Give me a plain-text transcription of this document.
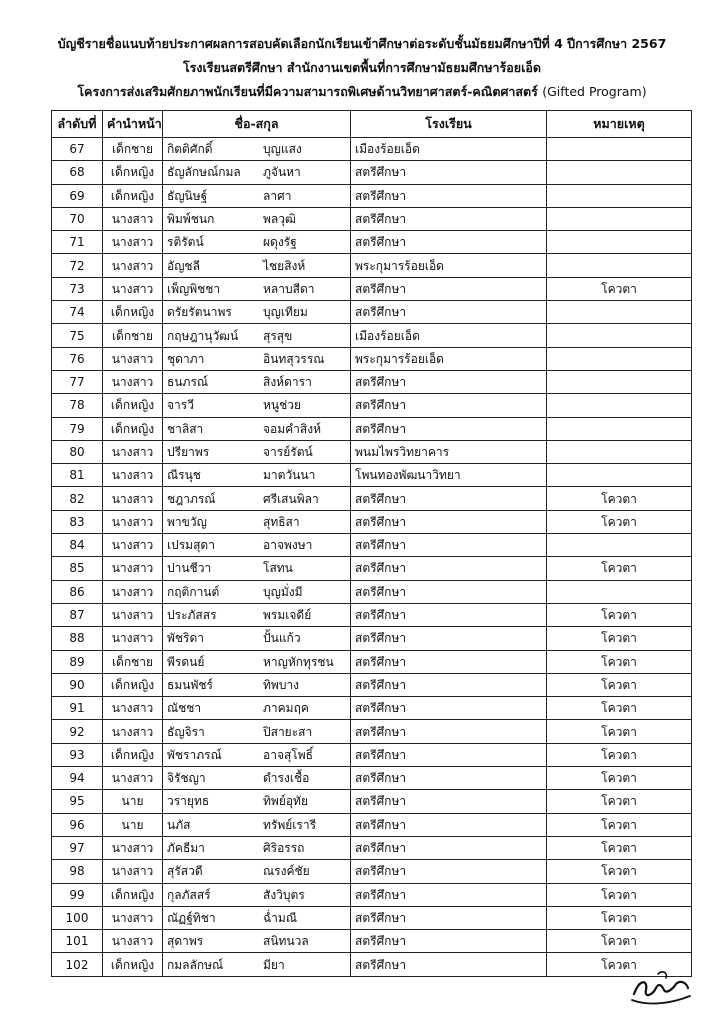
บัญชีรายชื่อแนบท้ายประกาศผลการสอบคัดเลือกนักเรียนเข้าศึกษาต่อระดับชั้นมัธยมศึกษาปีที่ 4 ปีการศึกษา 2567
โรงเรียนสตรีศึกษา สำนักงานเขตพื้นที่การศึกษามัธยมศึกษาร้อยเอ็ด
โครงการส่งเสริมศักยภาพนักเรียนที่มีความสามารถพิเศษด้านวิทยาศาสตร์-คณิตศาสตร์ (Gifted Program)
ลำดับที่	คำนำหน้า	ชื่อ-สกุล	โรงเรียน	หมายเหตุ
67	เด็กชาย	กิตติศักดิ์ บุญแสง	เมืองร้อยเอ็ด	
68	เด็กหญิง	ธัญลักษณ์กมล ภูจันหา	สตรีศึกษา	
69	เด็กหญิง	ธัญนิษฐ์ ลาศา	สตรีศึกษา	
70	นางสาว	พิมพ์ชนก พลวุฒิ	สตรีศึกษา	
71	นางสาว	รติรัตน์ ผดุงรัฐ	สตรีศึกษา	
72	นางสาว	อัญชลี ไชยสิงห์	พระกุมารร้อยเอ็ด	
73	นางสาว	เพ็ญพิชชา หลาบสีดา	สตรีศึกษา	โควตา
74	เด็กหญิง	ดรัยรัตนาพร บุญเทียม	สตรีศึกษา	
75	เด็กชาย	กฤษฎานุวัฒน์ สุรสุข	เมืองร้อยเอ็ด	
76	นางสาว	ชุดาภา อินทสุวรรณ	พระกุมารร้อยเอ็ด	
77	นางสาว	ธนภรณ์ สิงห์ดารา	สตรีศึกษา	
78	เด็กหญิง	จารวี หนูช่วย	สตรีศึกษา	
79	เด็กหญิง	ชาลิสา จอมคำสิงห์	สตรีศึกษา	
80	นางสาว	ปรียาพร จารย์รัตน์	พนมไพรวิทยาคาร	
81	นางสาว	ณีรนุช มาตวันนา	โพนทองพัฒนาวิทยา	
82	นางสาว	ชฎาภรณ์ ศรีเสนพิลา	สตรีศึกษา	โควตา
83	นางสาว	พาขวัญ สุทธิสา	สตรีศึกษา	โควตา
84	นางสาว	เปรมสุดา อาจพงษา	สตรีศึกษา	
85	นางสาว	ปานชีวา โสทน	สตรีศึกษา	โควตา
86	นางสาว	กฤติกานต์ บุญมั่งมี	สตรีศึกษา	
87	นางสาว	ประภัสสร พรมเจดีย์	สตรีศึกษา	โควตา
88	นางสาว	พัชริดา ปั้นแก้ว	สตรีศึกษา	โควตา
89	เด็กชาย	พีรดนย์ หาญหักทุรชน	สตรีศึกษา	โควตา
90	เด็กหญิง	ธมนพัชร์ ทิพบาง	สตรีศึกษา	โควตา
91	นางสาว	ณัชชา ภาคมฤค	สตรีศึกษา	โควตา
92	นางสาว	ธัญจิรา ปิสายะสา	สตรีศึกษา	โควตา
93	เด็กหญิง	พัชราภรณ์ อาจสุโพธิ์	สตรีศึกษา	โควตา
94	นางสาว	จิรัชญา ดำรงเชื้อ	สตรีศึกษา	โควตา
95	นาย	วรายุทธ ทิพย์อุทัย	สตรีศึกษา	โควตา
96	นาย	นภัส ทรัพย์เรารี	สตรีศึกษา	โควตา
97	นางสาว	ภัคธีมา ศิริอรรถ	สตรีศึกษา	โควตา
98	นางสาว	สุรัสวดี ณรงค์ชัย	สตรีศึกษา	โควตา
99	เด็กหญิง	กุลภัสสร์ สังวิบุตร	สตรีศึกษา	โควตา
100	นางสาว	ณัฏฐ์ทิชา ฉ่ำมณี	สตรีศึกษา	โควตา
101	นางสาว	สุดาพร สนิทนวล	สตรีศึกษา	โควตา
102	เด็กหญิง	กมลลักษณ์ มียา	สตรีศึกษา	โควตา
